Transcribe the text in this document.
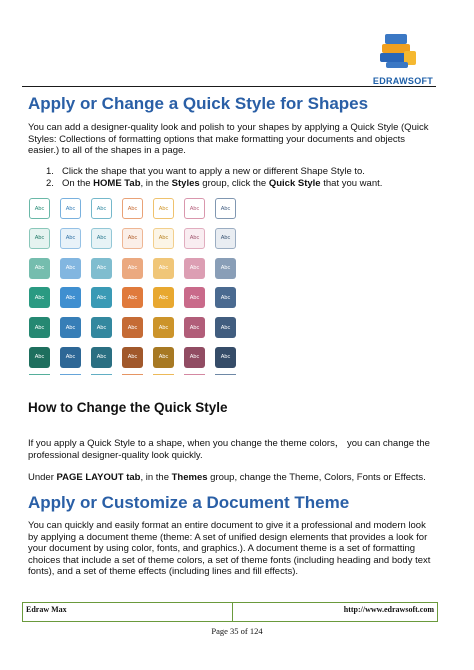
EDRAWSOFT
Apply or Change a Quick Style for Shapes

You can add a designer-quality look and polish to your shapes by applying a Quick Style (Quick Styles: Collections of formatting options that make formatting your documents and objects easier.) to all of the shapes in a page.

1. Click the shape that you want to apply a new or different Shape Style to.
2. On the HOME Tab, in the Styles group, click the Quick Style that you want.
Abc	Abc	Abc	Abc	Abc	Abc	Abc
Abc	Abc	Abc	Abc	Abc	Abc	Abc
Abc	Abc	Abc	Abc	Abc	Abc	Abc
Abc	Abc	Abc	Abc	Abc	Abc	Abc
Abc	Abc	Abc	Abc	Abc	Abc	Abc
Abc	Abc	Abc	Abc	Abc	Abc	Abc
How to Change the Quick Style

If you apply a Quick Style to a shape, when you change the theme colors， you can change the professional designer-quality look quickly.

Under PAGE LAYOUT tab, in the Themes group, change the Theme, Colors, Fonts or Effects.

Apply or Customize a Document Theme

You can quickly and easily format an entire document to give it a professional and modern look by applying a document theme (theme: A set of unified design elements that provides a look for your document by using color, fonts, and graphics.). A document theme is a set of formatting choices that include a set of theme colors, a set of theme fonts (including heading and body text fonts), and a set of theme effects (including lines and fill effects).

Edraw Max	http://www.edrawsoft.com
Page 35 of 124
